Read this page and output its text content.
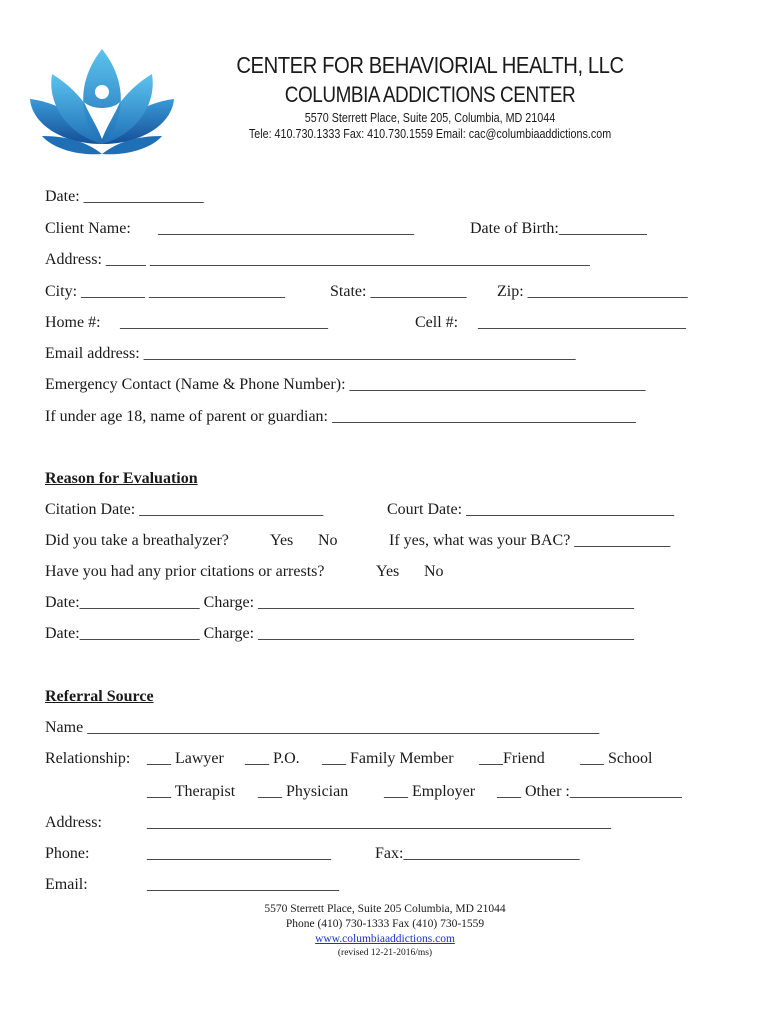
CENTER FOR BEHAVIORIAL HEALTH, LLC
COLUMBIA ADDICTIONS CENTER
5570 Sterrett Place, Suite 205, Columbia, MD 21044
Tele: 410.730.1333 Fax: 410.730.1559 Email: cac@columbiaaddictions.com
Date: _______________
Client Name: ________________________________	Date of Birth:___________
Address: _____ _______________________________________________________
City: ________ _________________	State: ____________ Zip: ____________________
Home #: __________________________	Cell #: __________________________
Email address: ______________________________________________________
Emergency Contact (Name & Phone Number): _____________________________________
If under age 18, name of parent or guardian: ______________________________________
Reason for Evaluation
Citation Date: _______________________	Court Date: __________________________
Did you take a breathalyzer?	Yes No	If yes, what was your BAC? ____________
Have you had any prior citations or arrests?	Yes No
Date:_______________ Charge: _______________________________________________
Date:_______________ Charge: _______________________________________________
Referral Source
Name ________________________________________________________________
Relationship: ___ Lawyer ___ P.O. ___ Family Member ___Friend ___ School
___ Therapist ___ Physician ___ Employer ___ Other :______________
Address:	__________________________________________________________
Phone:	_______________________	Fax:______________________
Email:	________________________
5570 Sterrett Place, Suite 205 Columbia, MD 21044
Phone (410) 730-1333 Fax (410) 730-1559
www.columbiaaddictions.com
(revised 12-21-2016/ms)
